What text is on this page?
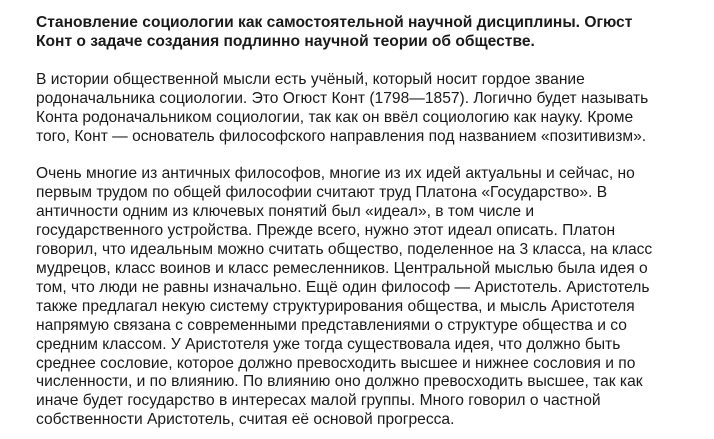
Становление социологии как самостоятельной научной дисциплины. Огюст
Конт о задаче создания подлинно научной теории об обществе.
В истории общественной мысли есть учёный, который носит гордое звание
родоначальника социологии. Это Огюст Конт (1798—1857). Логично будет называть
Конта родоначальником социологии, так как он ввёл социологию как науку. Кроме
того, Конт — основатель философского направления под названием «позитивизм».
Очень многие из античных философов, многие из их идей актуальны и сейчас, но
первым трудом по общей философии считают труд Платона «Государство». В
античности одним из ключевых понятий был «идеал», в том числе и
государственного устройства. Прежде всего, нужно этот идеал описать. Платон
говорил, что идеальным можно считать общество, поделенное на 3 класса, на класс
мудрецов, класс воинов и класс ремесленников. Центральной мыслью была идея о
том, что люди не равны изначально. Ещё один философ — Аристотель. Аристотель
также предлагал некую систему структурирования общества, и мысль Аристотеля
напрямую связана с современными представлениями о структуре общества и со
средним классом. У Аристотеля уже тогда существовала идея, что должно быть
среднее сословие, которое должно превосходить высшее и нижнее сословия и по
численности, и по влиянию. По влиянию оно должно превосходить высшее, так как
иначе будет государство в интересах малой группы. Много говорил о частной
собственности Аристотель, считая её основой прогресса.
